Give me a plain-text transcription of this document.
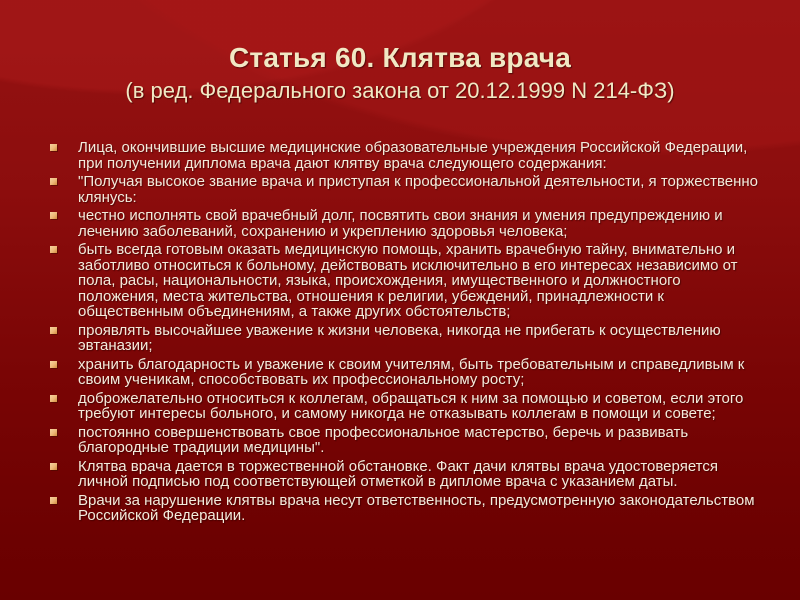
Статья 60. Клятва врача
(в ред. Федерального закона от 20.12.1999 N 214-ФЗ)
Лица, окончившие высшие медицинские образовательные учреждения Российской Федерации, при получении диплома врача дают клятву врача следующего содержания:
"Получая высокое звание врача и приступая к профессиональной деятельности, я торжественно клянусь:
честно исполнять свой врачебный долг, посвятить свои знания и умения предупреждению и лечению заболеваний, сохранению и укреплению здоровья человека;
быть всегда готовым оказать медицинскую помощь, хранить врачебную тайну, внимательно и заботливо относиться к больному, действовать исключительно в его интересах независимо от пола, расы, национальности, языка, происхождения, имущественного и должностного положения, места жительства, отношения к религии, убеждений, принадлежности к общественным объединениям, а также других обстоятельств;
проявлять высочайшее уважение к жизни человека, никогда не прибегать к осуществлению эвтаназии;
хранить благодарность и уважение к своим учителям, быть требовательным и справедливым к своим ученикам, способствовать их профессиональному росту;
доброжелательно относиться к коллегам, обращаться к ним за помощью и советом, если этого требуют интересы больного, и самому никогда не отказывать коллегам в помощи и совете;
постоянно совершенствовать свое профессиональное мастерство, беречь и развивать благородные традиции медицины".
Клятва врача дается в торжественной обстановке. Факт дачи клятвы врача удостоверяется личной подписью под соответствующей отметкой в дипломе врача с указанием даты.
Врачи за нарушение клятвы врача несут ответственность, предусмотренную законодательством Российской Федерации.
